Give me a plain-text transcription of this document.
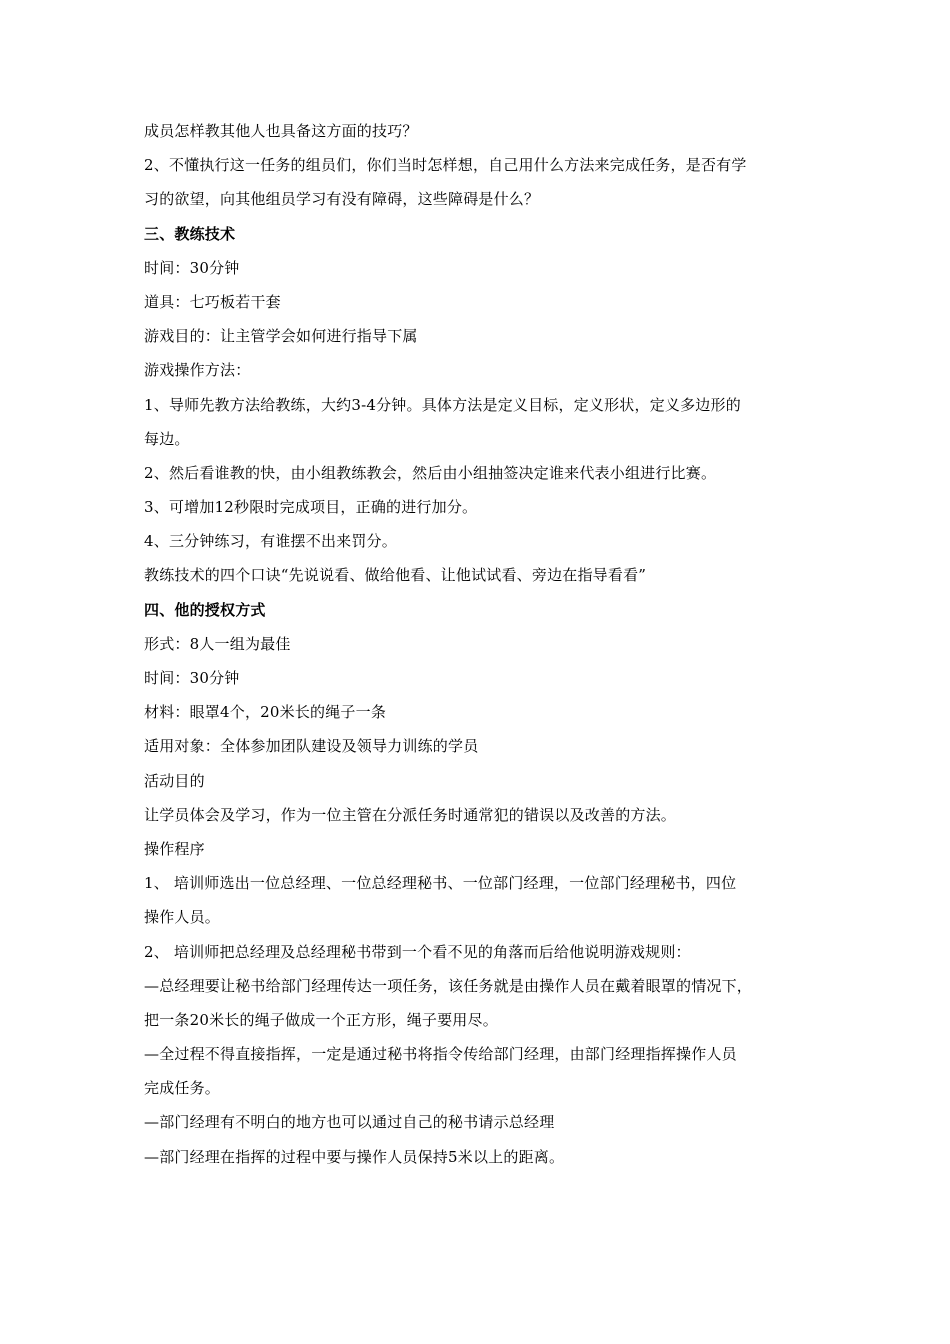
成员怎样教其他人也具备这方面的技巧？
2、不懂执行这一任务的组员们，你们当时怎样想，自己用什么方法来完成任务，是否有学
习的欲望，向其他组员学习有没有障碍，这些障碍是什么？
三、教练技术
时间：30分钟
道具：七巧板若干套
游戏目的：让主管学会如何进行指导下属
游戏操作方法：
1、导师先教方法给教练，大约3-4分钟。具体方法是定义目标，定义形状，定义多边形的
每边。
2、然后看谁教的快，由小组教练教会，然后由小组抽签决定谁来代表小组进行比赛。
3、可增加12秒限时完成项目，正确的进行加分。
4、三分钟练习，有谁摆不出来罚分。
教练技术的四个口诀“先说说看、做给他看、让他试试看、旁边在指导看看”
四、他的授权方式
形式：8人一组为最佳
时间：30分钟
材料：眼罩4个，20米长的绳子一条
适用对象：全体参加团队建设及领导力训练的学员
活动目的
让学员体会及学习，作为一位主管在分派任务时通常犯的错误以及改善的方法。
操作程序
1、 培训师选出一位总经理、一位总经理秘书、一位部门经理，一位部门经理秘书，四位
操作人员。
2、 培训师把总经理及总经理秘书带到一个看不见的角落而后给他说明游戏规则：
—总经理要让秘书给部门经理传达一项任务，该任务就是由操作人员在戴着眼罩的情况下，
把一条20米长的绳子做成一个正方形，绳子要用尽。
—全过程不得直接指挥，一定是通过秘书将指令传给部门经理，由部门经理指挥操作人员
完成任务。
—部门经理有不明白的地方也可以通过自己的秘书请示总经理
—部门经理在指挥的过程中要与操作人员保持5米以上的距离。
